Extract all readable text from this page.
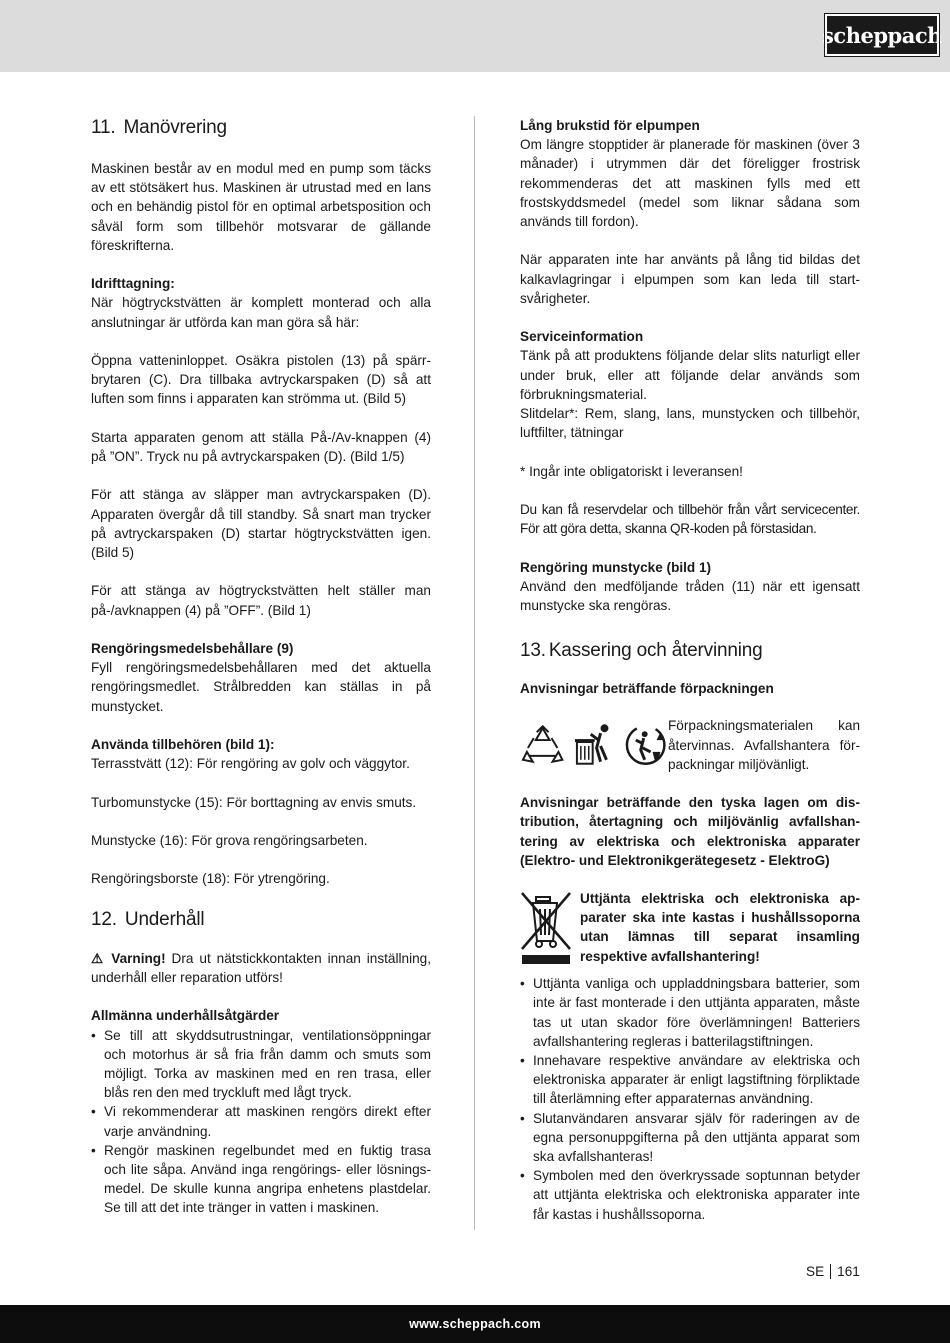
scheppach
11. Manövrering

Maskinen består av en modul med en pump som täcks av ett stötsäkert hus. Maskinen är utrustad med en lans och en behändig pistol för en optimal arbetsposition och såväl form som tillbehör motsvarar de gällande föreskrifterna.

Idrifttagning:
När högtryckstvätten är komplett monterad och alla anslutningar är utförda kan man göra så här:

Öppna vatteninloppet. Osäkra pistolen (13) på spärrbrytaren (C). Dra tillbaka avtryckarspaken (D) så att luften som finns i apparaten kan strömma ut. (Bild 5)

Starta apparaten genom att ställa På-/Av-knappen (4) på ”ON”. Tryck nu på avtryckarspaken (D). (Bild 1/5)

För att stänga av släpper man avtryckarspaken (D). Apparaten övergår då till standby. Så snart man trycker på avtryckarspaken (D) startar högtryckstvätten igen. (Bild 5)

För att stänga av högtryckstvätten helt ställer man på-/avknappen (4) på ”OFF”. (Bild 1)

Rengöringsmedelsbehållare (9)
Fyll rengöringsmedelsbehållaren med det aktuella rengöringsmedlet. Strålbredden kan ställas in på munstycket.

Använda tillbehören (bild 1):
Terrasstvätt (12): För rengöring av golv och väggytor.

Turbomunstycke (15): För borttagning av envis smuts.

Munstycke (16): För grova rengöringsarbeten.

Rengöringsborste (18): För ytrengöring.

12. Underhåll

⚠ Varning! Dra ut nätstickkontakten innan inställning, underhåll eller reparation utförs!

Allmänna underhållsåtgärder

• Se till att skyddsutrustningar, ventilationsöppningar och motorhus är så fria från damm och smuts som möjligt. Torka av maskinen med en ren trasa, eller blås ren den med tryckluft med lågt tryck.
• Vi rekommenderar att maskinen rengörs direkt efter varje användning.
• Rengör maskinen regelbundet med en fuktig trasa och lite såpa. Använd inga rengörings- eller lösningsmedel. De skulle kunna angripa enhetens plastdelar. Se till att det inte tränger in vatten i maskinen.

Lång brukstid för elpumpen
Om längre stopptider är planerade för maskinen (över 3 månader) i utrymmen där det föreligger frostrisk rekommenderas det att maskinen fylls med ett frostskyddsmedel (medel som liknar sådana som används till fordon).

När apparaten inte har använts på lång tid bildas det kalkavlagringar i elpumpen som kan leda till startsvårigheter.

Serviceinformation
Tänk på att produktens följande delar slits naturligt eller under bruk, eller att följande delar används som förbrukningsmaterial.

Slitdelar*: Rem, slang, lans, munstycken och tillbehör, luftfilter, tätningar

* Ingår inte obligatoriskt i leveransen!

Du kan få reservdelar och tillbehör från vårt servicecenter. För att göra detta, skanna QR-koden på förstasidan.

Rengöring munstycke (bild 1)
Använd den medföljande tråden (11) när ett igensatt munstycke ska rengöras.

13. Kassering och återvinning

Anvisningar beträffande förpackningen

Förpackningsmaterialen kan återvinnas. Avfallshantera förpackningar miljövänligt.

Anvisningar beträffande den tyska lagen om distribution, återtagning och miljövänlig avfallshantering av elektriska och elektroniska apparater (Elektro- und Elektronikgerätegesetz - ElektroG)

Uttjänta elektriska och elektroniska apparater ska inte kastas i hushållssoporna utan lämnas till separat insamling respektive avfallshantering!
• Uttjänta vanliga och uppladdningsbara batterier, som inte är fast monterade i den uttjänta apparaten, måste tas ut utan skador före överlämningen! Batteriers avfallshantering regleras i batterilagstiftningen.
• Innehavare respektive användare av elektriska och elektroniska apparater är enligt lagstiftning förpliktade till återlämning efter apparaternas användning.
• Slutanvändaren ansvarar själv för raderingen av de egna personuppgifterna på den uttjänta apparat som ska avfallshanteras!
• Symbolen med den överkryssade soptunnan betyder att uttjänta elektriska och elektroniska apparater inte får kastas i hushållssoporna.
SE 161
www.scheppach.com
